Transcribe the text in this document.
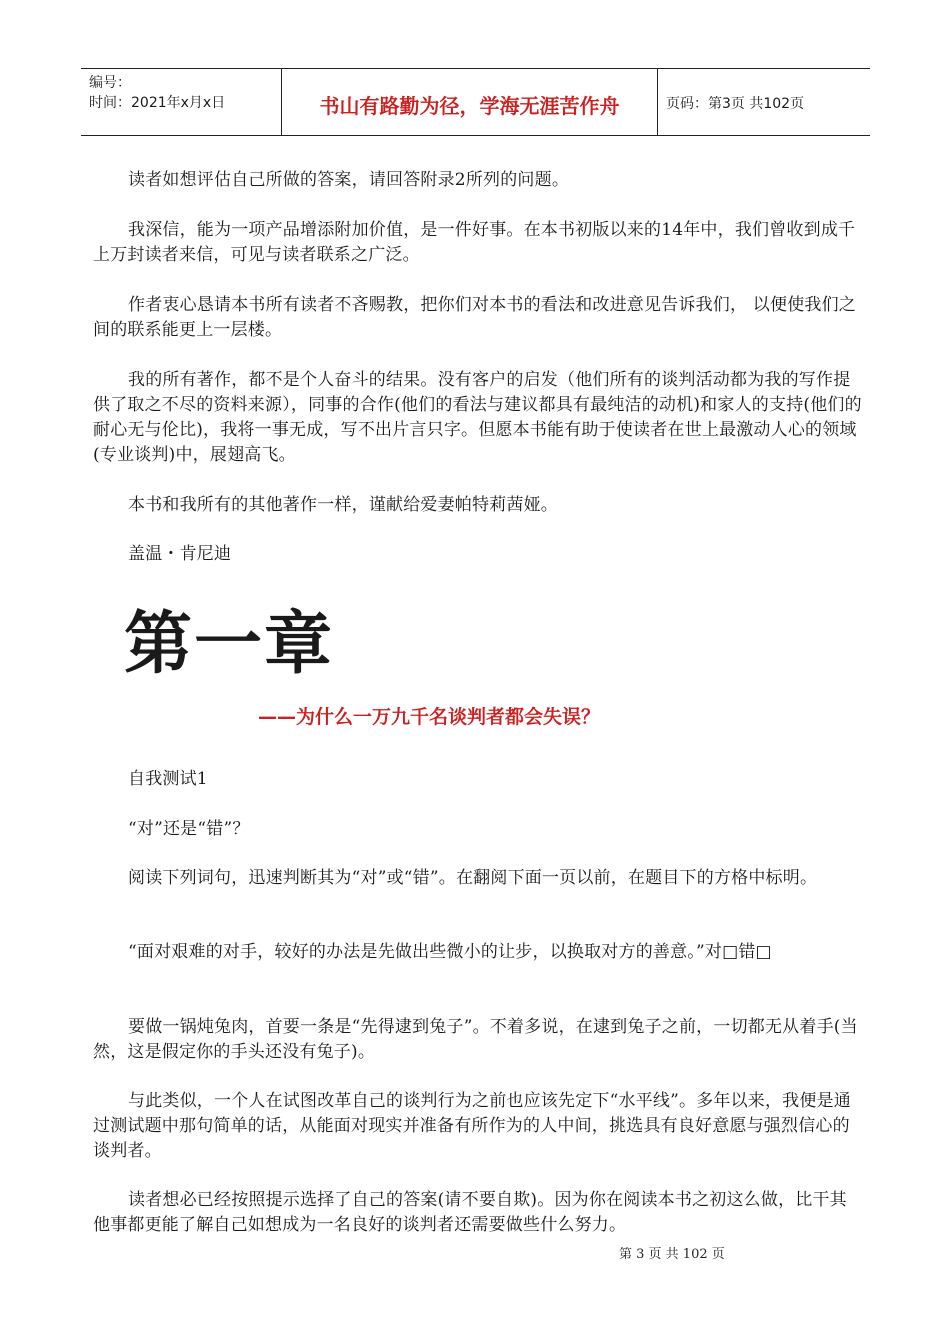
编号：
时间：2021年x月x日	书山有路勤为径，学海无涯苦作舟	页码：第3页 共102页

读者如想评估自己所做的答案，请回答附录2所列的问题。

我深信，能为一项产品增添附加价值，是一件好事。在本书初版以来的14年中，我们曾收到成千上万封读者来信，可见与读者联系之广泛。

作者衷心恳请本书所有读者不吝赐教，把你们对本书的看法和改进意见告诉我们， 以便使我们之间的联系能更上一层楼。

我的所有著作，都不是个人奋斗的结果。没有客户的启发（他们所有的谈判活动都为我的写作提供了取之不尽的资料来源），同事的合作(他们的看法与建议都具有最纯洁的动机)和家人的支持(他们的耐心无与伦比)，我将一事无成，写不出片言只字。但愿本书能有助于使读者在世上最激动人心的领域(专业谈判)中，展翅高飞。

本书和我所有的其他著作一样，谨献给爱妻帕特莉茜娅。

盖温・肯尼迪

第一章
——为什么一万九千名谈判者都会失误？

自我测试1

“对”还是“错”？

阅读下列词句，迅速判断其为“对”或“错”。在翻阅下面一页以前，在题目下的方格中标明。

“面对艰难的对手，较好的办法是先做出些微小的让步，以换取对方的善意。”对□错□

要做一锅炖兔肉，首要一条是“先得逮到兔子”。不着多说，在逮到兔子之前，一切都无从着手(当然，这是假定你的手头还没有兔子)。

与此类似，一个人在试图改革自己的谈判行为之前也应该先定下“水平线”。多年以来，我便是通过测试题中那句简单的话，从能面对现实并准备有所作为的人中间，挑选具有良好意愿与强烈信心的谈判者。

读者想必已经按照提示选择了自己的答案(请不要自欺)。因为你在阅读本书之初这么做，比干其他事都更能了解自己如想成为一名良好的谈判者还需要做些什么努力。

第 3 页 共 102 页
